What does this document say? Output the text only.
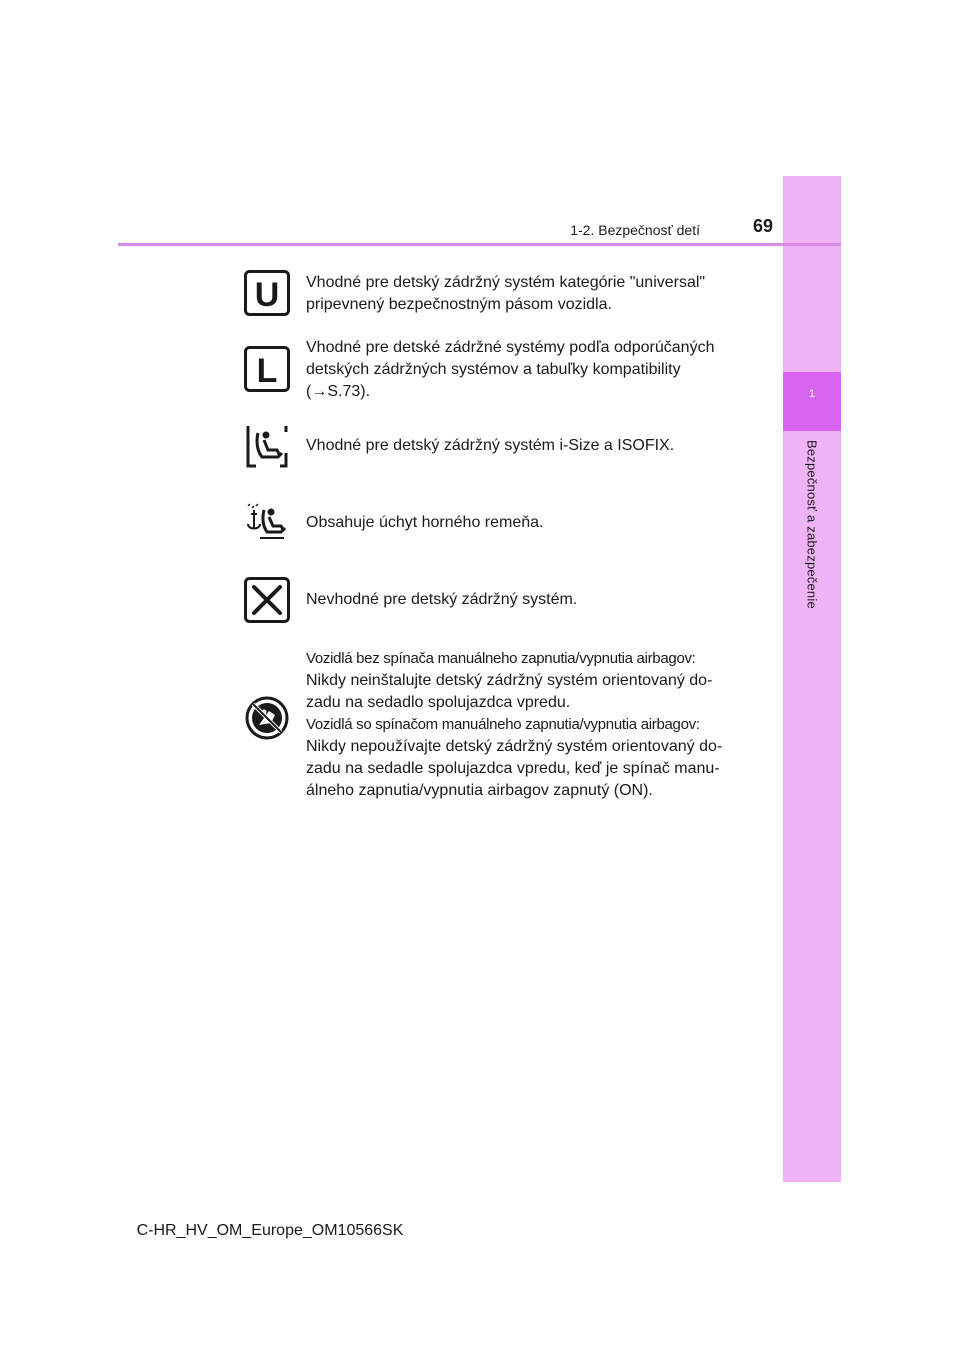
1
Bezpečnosť a zabezpečenie
1-2. Bezpečnosť detí	69
U Vhodné pre detský zádržný systém kategórie "universal"
pripevnený bezpečnostným pásom vozidla.
L
Vhodné pre detské zádržné systémy podľa odporúčaných
detských zádržných systémov a tabuľky kompatibility
(→S.73).
Vhodné pre detský zádržný systém i-Size a ISOFIX.
Obsahuje úchyt horného remeňa.
Nevhodné pre detský zádržný systém.
Vozidlá bez spínača manuálneho zapnutia/vypnutia airbagov:
Nikdy neinštalujte detský zádržný systém orientovaný do-
zadu na sedadlo spolujazdca vpredu.
Vozidlá so spínačom manuálneho zapnutia/vypnutia airbagov:
Nikdy nepoužívajte detský zádržný systém orientovaný do-
zadu na sedadle spolujazdca vpredu, keď je spínač manu-
álneho zapnutia/vypnutia airbagov zapnutý (ON).
C-HR_HV_OM_Europe_OM10566SK
